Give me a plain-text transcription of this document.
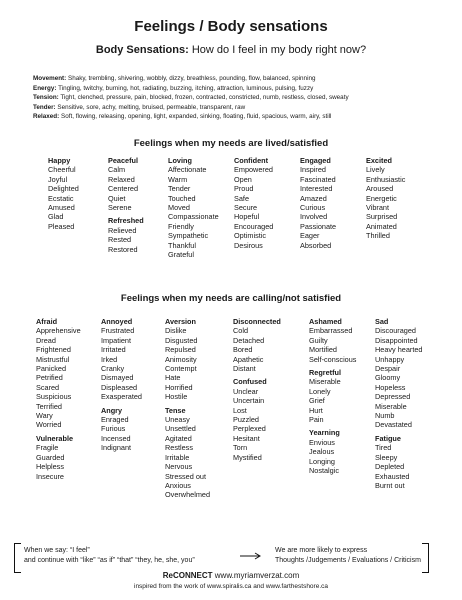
Feelings / Body sensations
Body Sensations: How do I feel in my body right now?
Movement: Shaky, trembling, shivering, wobbly, dizzy, breathless, pounding, flow, balanced, spinning
Energy: Tingling, twitchy, burning, hot, radiating, buzzing, itching, attraction, luminous, pulsing, fuzzy
Tension: Tight, clenched, pressure, pain, blocked, frozen, contracted, constricted, numb, restless, closed, sweaty
Tender: Sensitive, sore, achy, melting, bruised, permeable, transparent, raw
Relaxed: Soft, flowing, releasing, opening, light, expanded, sinking, floating, fluid, spacious, warm, airy, still
Feelings when my needs are lived/satisfied
Happy
Cheerful
Joyful
Delighted
Ecstatic
Amused
Glad
Pleased
Peaceful
Calm
Relaxed
Centered
Quiet
Serene
Refreshed
Relieved
Rested
Restored
Loving
Affectionate
Warm
Tender
Touched
Moved
Compassionate
Friendly
Sympathetic
Thankful
Grateful
Confident
Empowered
Open
Proud
Safe
Secure
Hopeful
Encouraged
Optimistic
Desirous
Engaged
Inspired
Fascinated
Interested
Amazed
Curious
Involved
Passionate
Eager
Absorbed
Excited
Lively
Enthusiastic
Aroused
Energetic
Vibrant
Surprised
Animated
Thrilled
Feelings when my needs are calling/not satisfied
Afraid
Apprehensive
Dread
Frightened
Mistrustful
Panicked
Petrified
Scared
Suspicious
Terrified
Wary
Worried
Vulnerable
Fragile
Guarded
Helpless
Insecure
Annoyed
Frustrated
Impatient
Irritated
Irked
Cranky
Dismayed
Displeased
Exasperated
Angry
Enraged
Furious
Incensed
Indignant
Aversion
Dislike
Disgusted
Repulsed
Animosity
Contempt
Hate
Horrified
Hostile
Tense
Uneasy
Unsettled
Agitated
Restless
Irritable
Nervous
Stressed out
Anxious
Overwhelmed
Disconnected
Cold
Detached
Bored
Apathetic
Distant
Confused
Unclear
Uncertain
Lost
Puzzled
Perplexed
Hesitant
Torn
Mystified
Ashamed
Embarrassed
Guilty
Mortified
Self-conscious
Regretful
Miserable
Lonely
Grief
Hurt
Pain
Yearning
Envious
Jealous
Longing
Nostalgic
Sad
Discouraged
Disappointed
Heavy hearted
Unhappy
Despair
Gloomy
Hopeless
Depressed
Miserable
Numb
Devastated
Fatigue
Tired
Sleepy
Depleted
Exhausted
Burnt out
When we say: “I feel”
and continue with “like” “as if” “that” “they, he, she, you”
We are more likely to express
Thoughts /Judgements / Evaluations / Criticism
ReCONNECT www.myriamverzat.com
inspired from the work of www.spiralis.ca and www.farthestshore.ca
